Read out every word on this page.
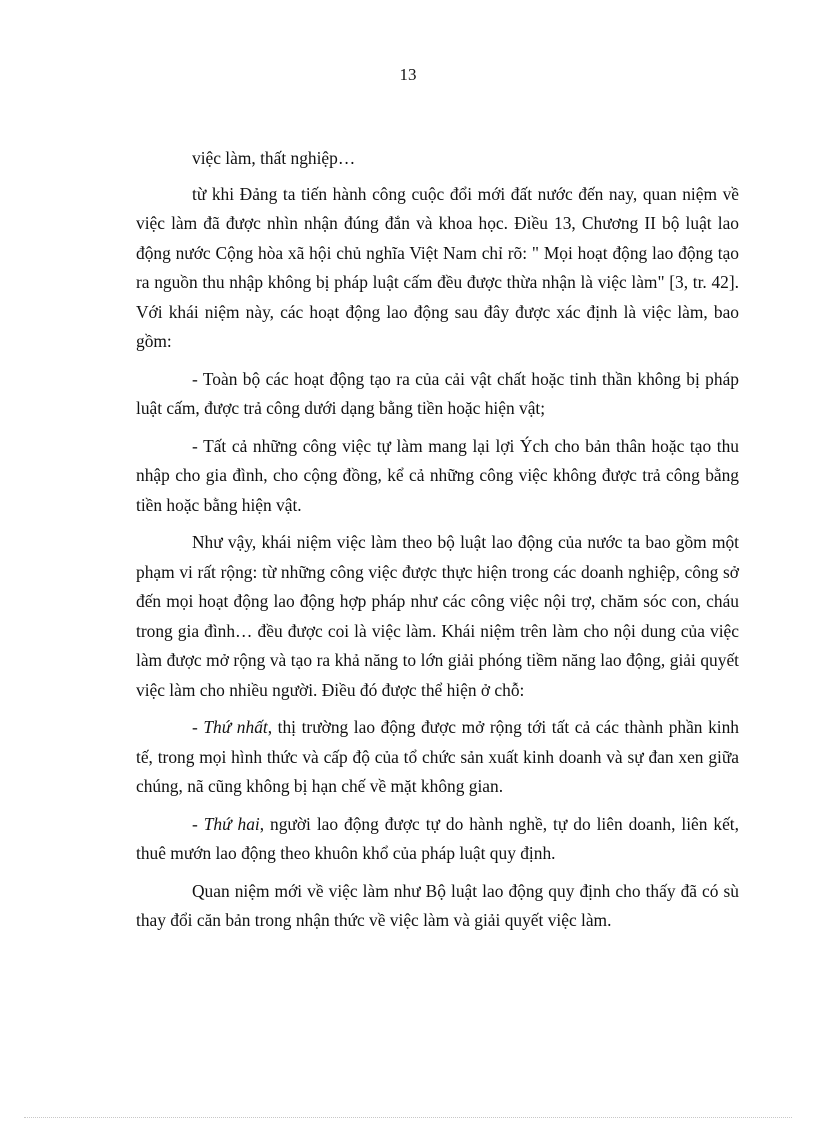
13

việc làm, thất nghiệp…

từ khi Đảng ta tiến hành công cuộc đổi mới đất nước đến nay, quan niệm về việc làm đã được nhìn nhận đúng đắn và khoa học. Điều 13, Chương II bộ luật lao động nước Cộng hòa xã hội chủ nghĩa Việt Nam chỉ rõ: " Mọi hoạt động lao động tạo ra nguồn thu nhập không bị pháp luật cấm đều được thừa nhận là việc làm" [3, tr. 42]. Với khái niệm này, các hoạt động lao động sau đây được xác định là việc làm, bao gồm:

- Toàn bộ các hoạt động tạo ra của cải vật chất hoặc tinh thần không bị pháp luật cấm, được trả công dưới dạng bằng tiền hoặc hiện vật;

- Tất cả những công việc tự làm mang lại lợi Ých cho bản thân hoặc tạo thu nhập cho gia đình, cho cộng đồng, kể cả những công việc không được trả công bằng tiền hoặc bằng hiện vật.

Như vậy, khái niệm việc làm theo bộ luật lao động của nước ta bao gồm một phạm vi rất rộng: từ những công việc được thực hiện trong các doanh nghiệp, công sở đến mọi hoạt động lao động hợp pháp như các công việc nội trợ, chăm sóc con, cháu trong gia đình… đều được coi là việc làm. Khái niệm trên làm cho nội dung của việc làm được mở rộng và tạo ra khả năng to lớn giải phóng tiềm năng lao động, giải quyết việc làm cho nhiều người. Điều đó được thể hiện ở chỗ:

- Thứ nhất, thị trường lao động được mở rộng tới tất cả các thành phần kinh tế, trong mọi hình thức và cấp độ của tổ chức sản xuất kinh doanh và sự đan xen giữa chúng, nã cũng không bị hạn chế về mặt không gian.

- Thứ hai, người lao động được tự do hành nghề, tự do liên doanh, liên kết, thuê mướn lao động theo khuôn khổ của pháp luật quy định.

Quan niệm mới về việc làm như Bộ luật lao động quy định cho thấy đã có sù thay đổi căn bản trong nhận thức về việc làm và giải quyết việc làm.
